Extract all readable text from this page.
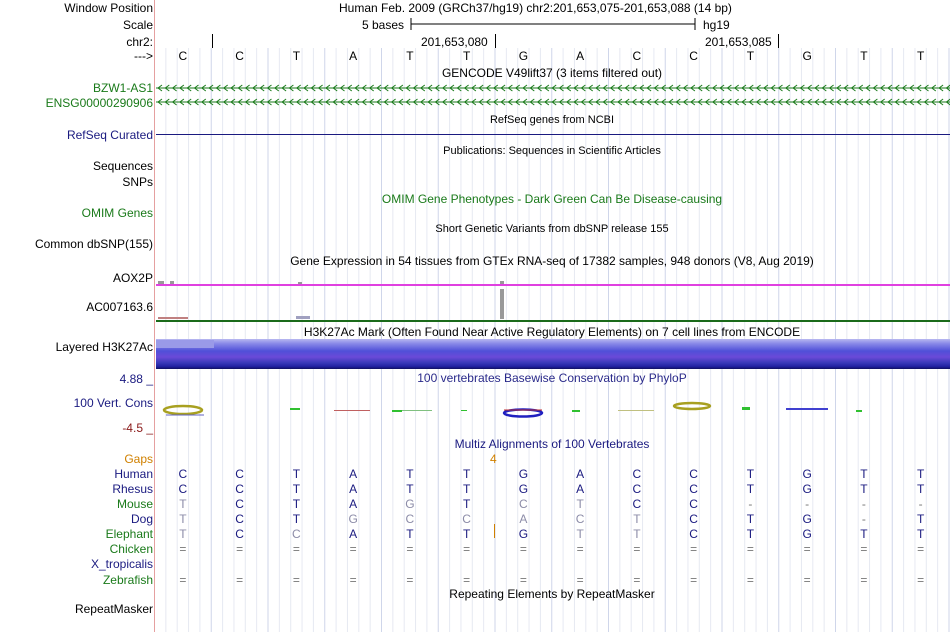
Window Position	Human Feb. 2009 (GRCh37/hg19) chr2:201,653,075-201,653,088 (14 bp)
Scale	5 bases	hg19
chr2:	201,653,080	201,653,085
---> C	C	T	A	T	T	G	A	C	C	T	G	T	T
GENCODE V49lift37 (3 items filtered out)
BZW1-AS1
ENSG00000290906
RefSeq genes from NCBI
RefSeq Curated
Publications: Sequences in Scientific Articles
Sequences
SNPs
OMIM Gene Phenotypes - Dark Green Can Be Disease-causing
OMIM Genes
Short Genetic Variants from dbSNP release 155
Common dbSNP(155)
Gene Expression in 54 tissues from GTEx RNA-seq of 17382 samples, 948 donors (V8, Aug 2019)
AOX2P
AC007163.6
H3K27Ac Mark (Often Found Near Active Regulatory Elements) on 7 cell lines from ENCODE
Layered H3K27Ac
100 vertebrates Basewise Conservation by PhyloP
4.88 _
100 Vert. Cons
-4.5 _
Multiz Alignments of 100 Vertebrates
Gaps	4
Human C	C	T	A	T	T	G	A	C	C	T	G	T	T
Rhesus C	C	T	A	T	T	G	A	C	C	T	G	T	T
Mouse T	C	T	A	G	T	C	T	C	C	-	-	-	-
Dog T	C	T	G	C	C	A	C	T	C	T	G	-	T
Elephant T	C	C	A	T	T	G	T	T	C	T	G	T	T
Chicken =	=	=	=	=	=	=	=	=	=	=	=	=	=
X_tropicalis
Zebrafish =	=	=	=	=	=	=	=	=	=	=	=	=	=
RepeatMasker
Repeating Elements by RepeatMasker
